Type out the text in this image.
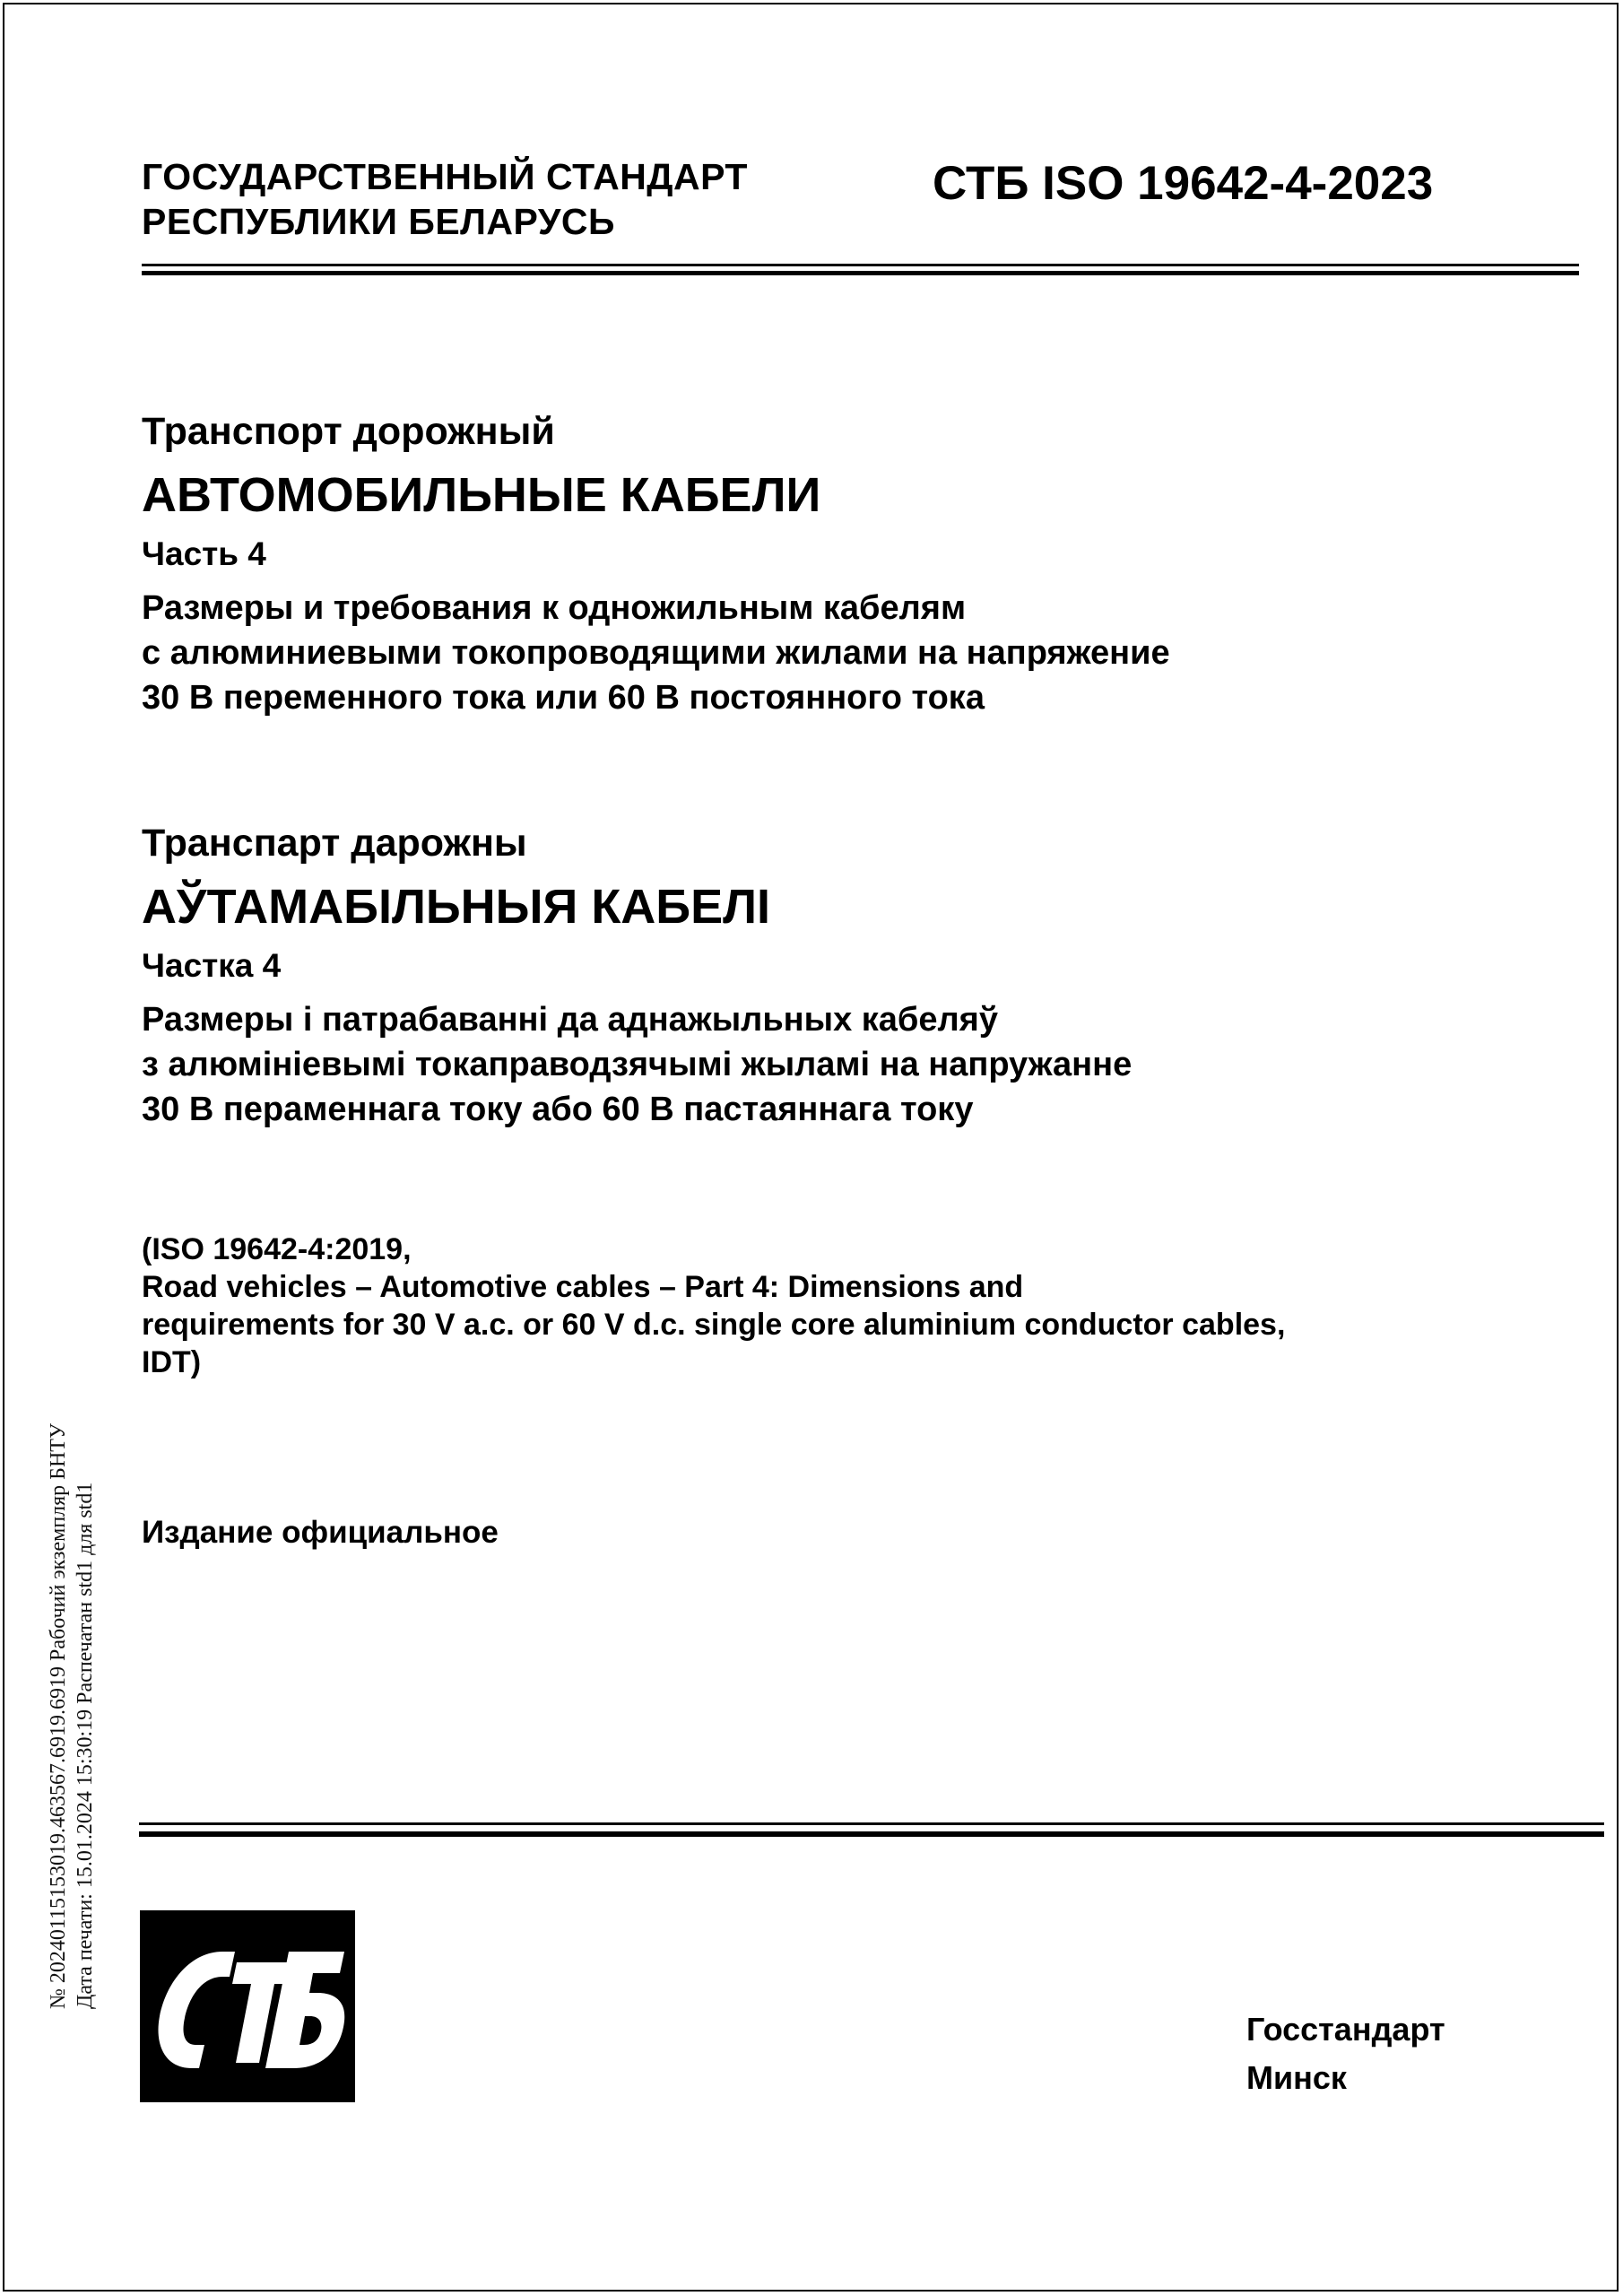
ГОСУДАРСТВЕННЫЙ СТАНДАРТ
РЕСПУБЛИКИ БЕЛАРУСЬ
СТБ ISO 19642-4-2023
Транспорт дорожный
АВТОМОБИЛЬНЫЕ КАБЕЛИ
Часть 4
Размеры и требования к одножильным кабелям
с алюминиевыми токопроводящими жилами на напряжение
30 В переменного тока или 60 В постоянного тока
Транспарт дарожны
АЎТАМАБІЛЬНЫЯ КАБЕЛІ
Частка 4
Размеры і патрабаванні да аднажыльных кабеляў
з алюмініевымі токаправодзячымі жыламі на напружанне
30 В пераменнага току або 60 В пастаяннага току
(ISO 19642-4:2019,
Road vehicles – Automotive cables – Part 4: Dimensions and
requirements for 30 V a.c. or 60 V d.c. single core aluminium conductor cables,
IDT)
Издание официальное
№ 20240115153019.463567.6919.6919 Рабочий экземпляр БНТУ Дата печати: 15.01.2024 15:30:19 Распечатан std1 для std1
Госстандарт
Минск
